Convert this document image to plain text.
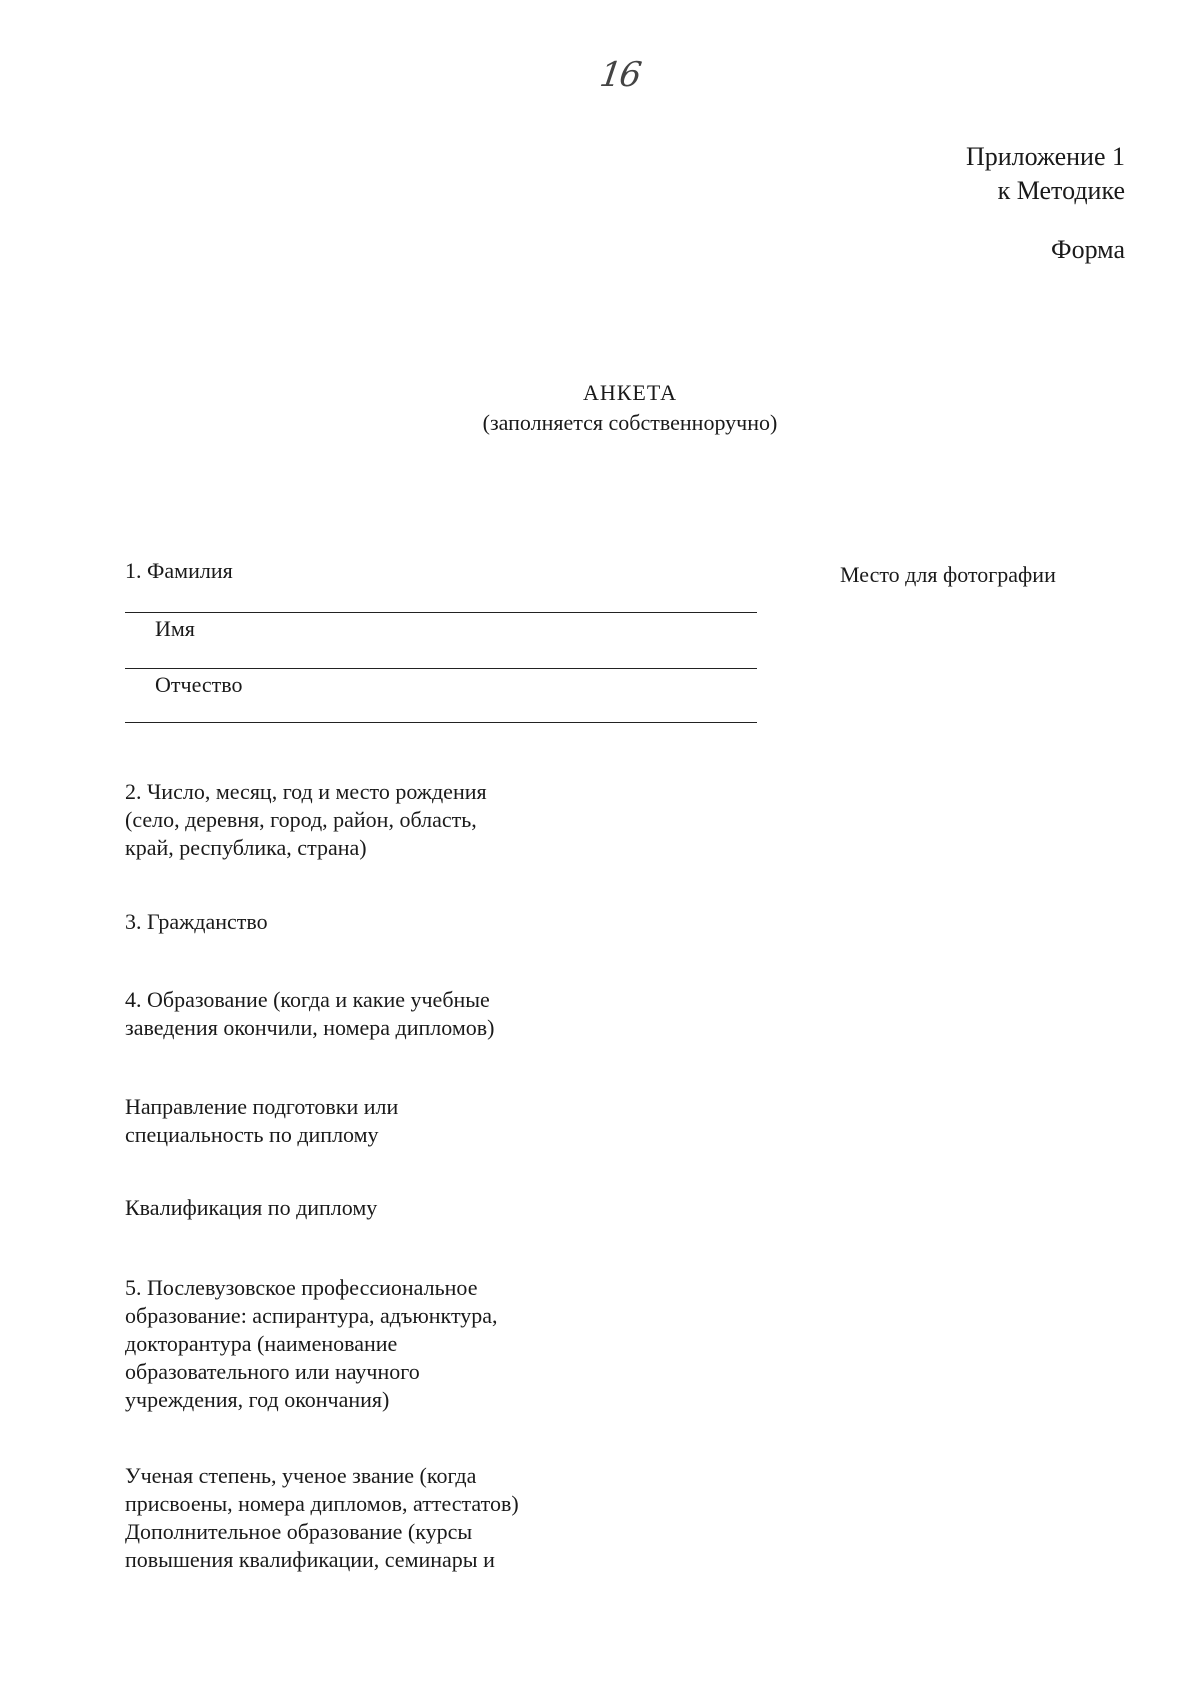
16
Приложение 1
к Методике
Форма
АНКЕТА
(заполняется собственноручно)
1. Фамилия
Имя
Отчество
Место для фотографии
2. Число, месяц, год и место рождения
(село, деревня, город, район, область,
край, республика, страна)
3. Гражданство
4. Образование (когда и какие учебные
заведения окончили, номера дипломов)
Направление подготовки или
специальность по диплому
Квалификация по диплому
5. Послевузовское профессиональное
образование: аспирантура, адъюнктура,
докторантура (наименование
образовательного или научного
учреждения, год окончания)
Ученая степень, ученое звание (когда
присвоены, номера дипломов, аттестатов)
Дополнительное образование (курсы
повышения квалификации, семинары и
